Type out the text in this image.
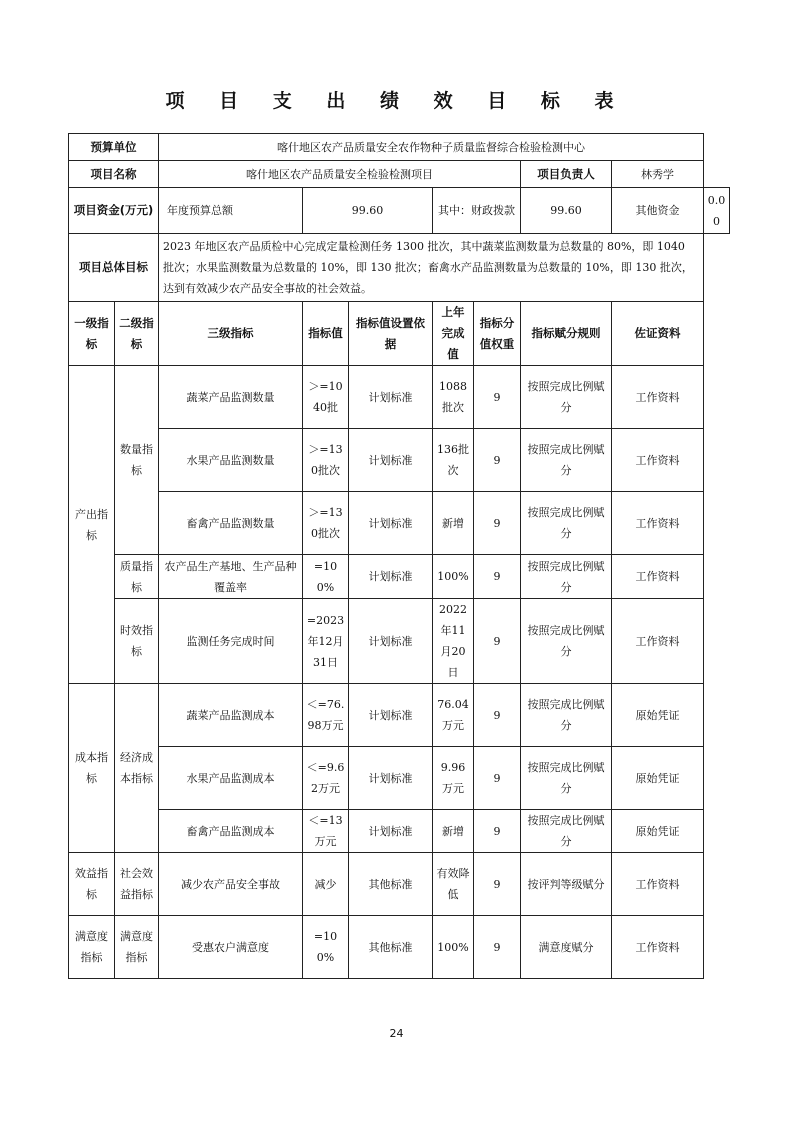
项 目 支 出 绩 效 目 标 表
预算单位		喀什地区农产品质量安全农作物种子质量监督综合检验检测中心							
项目名称		喀什地区农产品质量安全检验检测项目					项目负责人	林秀学	
项目资金(万元)		年度预算总额	99.60		其中：财政拨款		99.60	其他资金	0.00
项目总体目标		2023 年地区农产品质检中心完成定量检测任务 1300 批次，其中蔬菜监测数量为总数量的 80%，即 1040 批次；水果监测数量为总数量的 10%，即 130 批次；畜禽水产品监测数量为总数量的 10%，即 130 批次，达到有效减少农产品安全事故的社会效益。							
一级指标	二级指标	三级指标	指标值	指标值设置依据	上年完成值	指标分值权重	指标赋分规则	佐证资料	
产出指标	数量指标	蔬菜产品监测数量	＞=1040批	计划标准	1088批次	9	按照完成比例赋分	工作资料	
		水果产品监测数量	＞=130批次	计划标准	136批次	9	按照完成比例赋分	工作资料	
		畜禽产品监测数量	＞=130批次	计划标准	新增	9	按照完成比例赋分	工作资料	
	质量指标	农产品生产基地、生产品种覆盖率	=100%	计划标准	100%	9	按照完成比例赋分	工作资料	
	时效指标	监测任务完成时间	=2023年12月31日	计划标准	2022年11月20日	9	按照完成比例赋分	工作资料	
成本指标	经济成本指标	蔬菜产品监测成本	＜=76.98万元	计划标准	76.04万元	9	按照完成比例赋分	原始凭证	
		水果产品监测成本	＜=9.62万元	计划标准	9.96万元	9	按照完成比例赋分	原始凭证	
		畜禽产品监测成本	＜=13万元	计划标准	新增	9	按照完成比例赋分	原始凭证	
效益指标	社会效益指标	减少农产品安全事故	减少	其他标准	有效降低	9	按评判等级赋分	工作资料	
满意度指标	满意度指标	受惠农户满意度	=100%	其他标准	100%	9	满意度赋分	工作资料	
24
